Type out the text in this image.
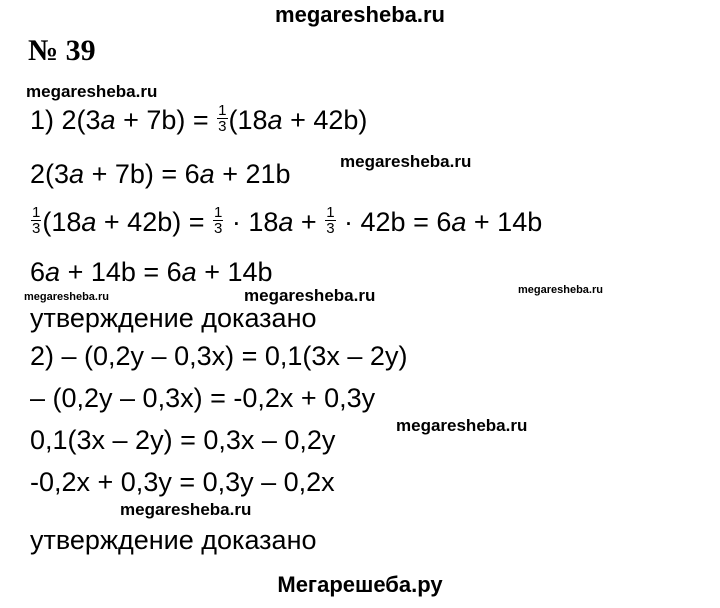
megaresheba.ru
№ 39
megaresheba.ru
1) $2(3a + 7b) = \frac{1}{3} (18a + 42b)$
2(3a + 7b) = 6a + 21b	megaresheba.ru
$\frac{1}{3} (18a + 42b) = \frac{1}{3} \cdot 18a + \frac{1}{3} \cdot 42b = 6a + 14b$
6a + 14b = 6a + 14b
megaresheba.ru	megaresheba.ru	megaresheba.ru
утверждение доказано
2) – (0,2y – 0,3x) = 0,1(3x – 2y)
– (0,2y – 0,3x) = -0,2x + 0,3y
0,1(3x – 2y) = 0,3x – 0,2y	megaresheba.ru
-0,2x + 0,3y = 0,3y – 0,2x
megaresheba.ru
утверждение доказано
Мегарешеба.ру
